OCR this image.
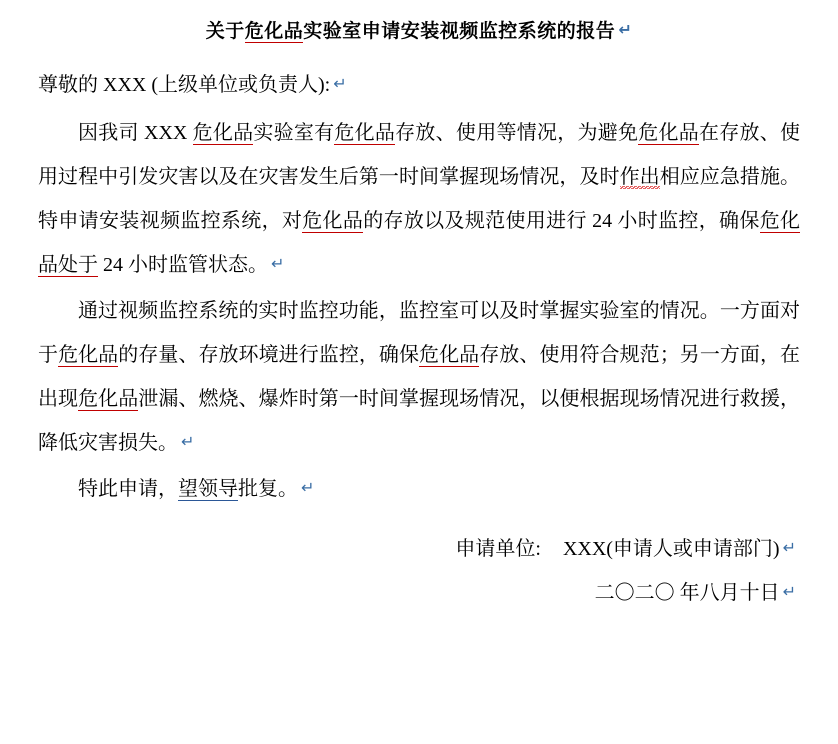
关于危化品实验室申请安装视频监控系统的报告 ↵

尊敬的 XXX (上级单位或负责人): ↵

因我司 XXX 危化品实验室有危化品存放、使用等情况，为避免危化品在存放、使用过程中引发灾害以及在灾害发生后第一时间掌握现场情况，及时作出相应应急措施。特申请安装视频监控系统，对危化品的存放以及规范使用进行 24 小时监控，确保危化品处于 24 小时监管状态。 ↵

通过视频监控系统的实时监控功能，监控室可以及时掌握实验室的情况。一方面对于危化品的存量、存放环境进行监控，确保危化品存放、使用符合规范；另一方面，在出现危化品泄漏、燃烧、爆炸时第一时间掌握现场情况，以便根据现场情况进行救援，降低灾害损失。 ↵

特此申请，望领导批复。 ↵

申请单位: XXX(申请人或申请部门) ↵

二〇二〇 年八月十日 ↵
